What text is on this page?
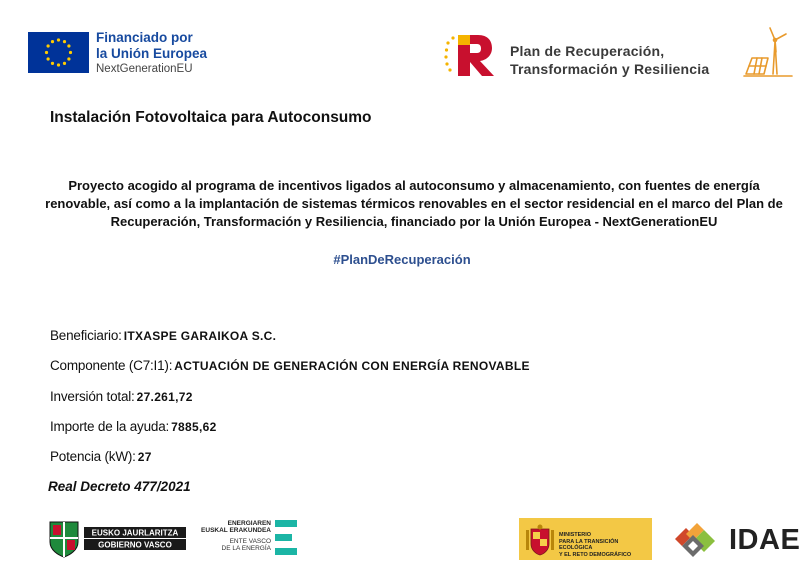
Financiado por
la Unión Europea
NextGenerationEU
Plan de Recuperación,
Transformación y Resiliencia
Instalación Fotovoltaica para Autoconsumo
Proyecto acogido al programa de incentivos ligados al autoconsumo y almacenamiento, con fuentes de energía renovable, así como a la implantación de sistemas térmicos renovables en el sector residencial en el marco del Plan de Recuperación, Transformación y Resiliencia, financiado por la Unión Europea - NextGenerationEU
#PlanDeRecuperación
Beneficiario: ITXASPE GARAIKOA S.C.
Componente (C7:I1): ACTUACIÓN DE GENERACIÓN CON ENERGÍA RENOVABLE
Inversión total: 27.261,72
Importe de la ayuda: 7885,62
Potencia (kW): 27
Real Decreto 477/2021
EUSKO JAURLARITZA
GOBIERNO VASCO
ENERGIAREN
EUSKAL ERAKUNDEA
ENTE VASCO
DE LA ENERGÍA
MINISTERIO
PARA LA TRANSICIÓN ECOLÓGICA
Y EL RETO DEMOGRÁFICO	IDAE
